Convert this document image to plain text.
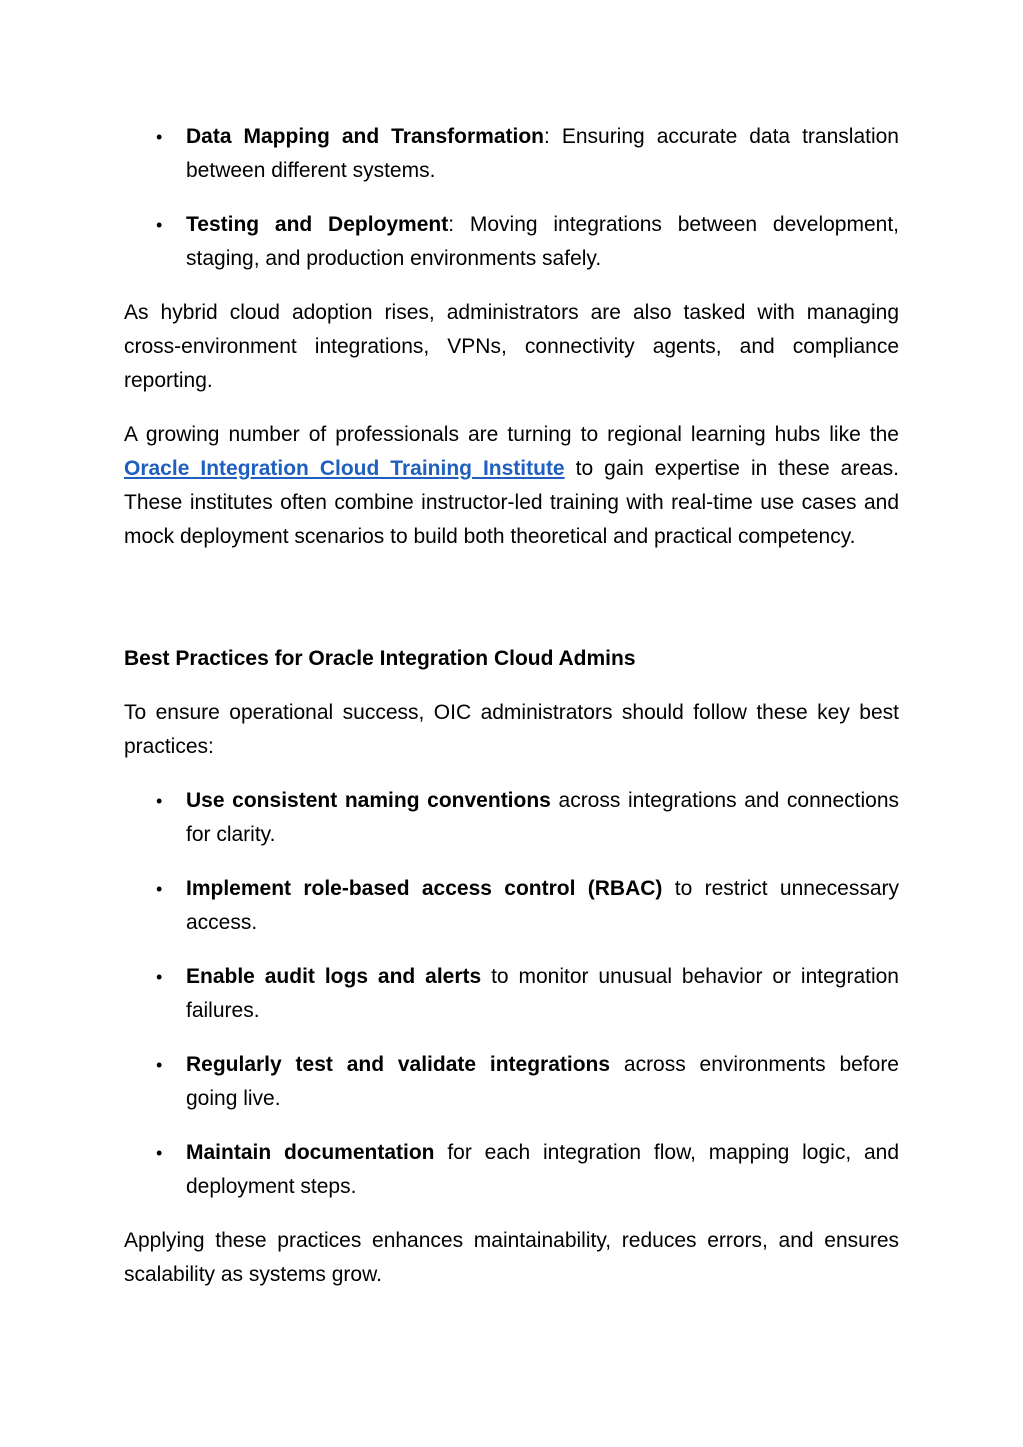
• Data Mapping and Transformation: Ensuring accurate data translation between different systems.
• Testing and Deployment: Moving integrations between development, staging, and production environments safely.

As hybrid cloud adoption rises, administrators are also tasked with managing cross-environment integrations, VPNs, connectivity agents, and compliance reporting.

A growing number of professionals are turning to regional learning hubs like the Oracle Integration Cloud Training Institute to gain expertise in these areas. These institutes often combine instructor-led training with real-time use cases and mock deployment scenarios to build both theoretical and practical competency.

Best Practices for Oracle Integration Cloud Admins

To ensure operational success, OIC administrators should follow these key best practices:

• Use consistent naming conventions across integrations and connections for clarity.
• Implement role-based access control (RBAC) to restrict unnecessary access.
• Enable audit logs and alerts to monitor unusual behavior or integration failures.
• Regularly test and validate integrations across environments before going live.
• Maintain documentation for each integration flow, mapping logic, and deployment steps.

Applying these practices enhances maintainability, reduces errors, and ensures scalability as systems grow.
